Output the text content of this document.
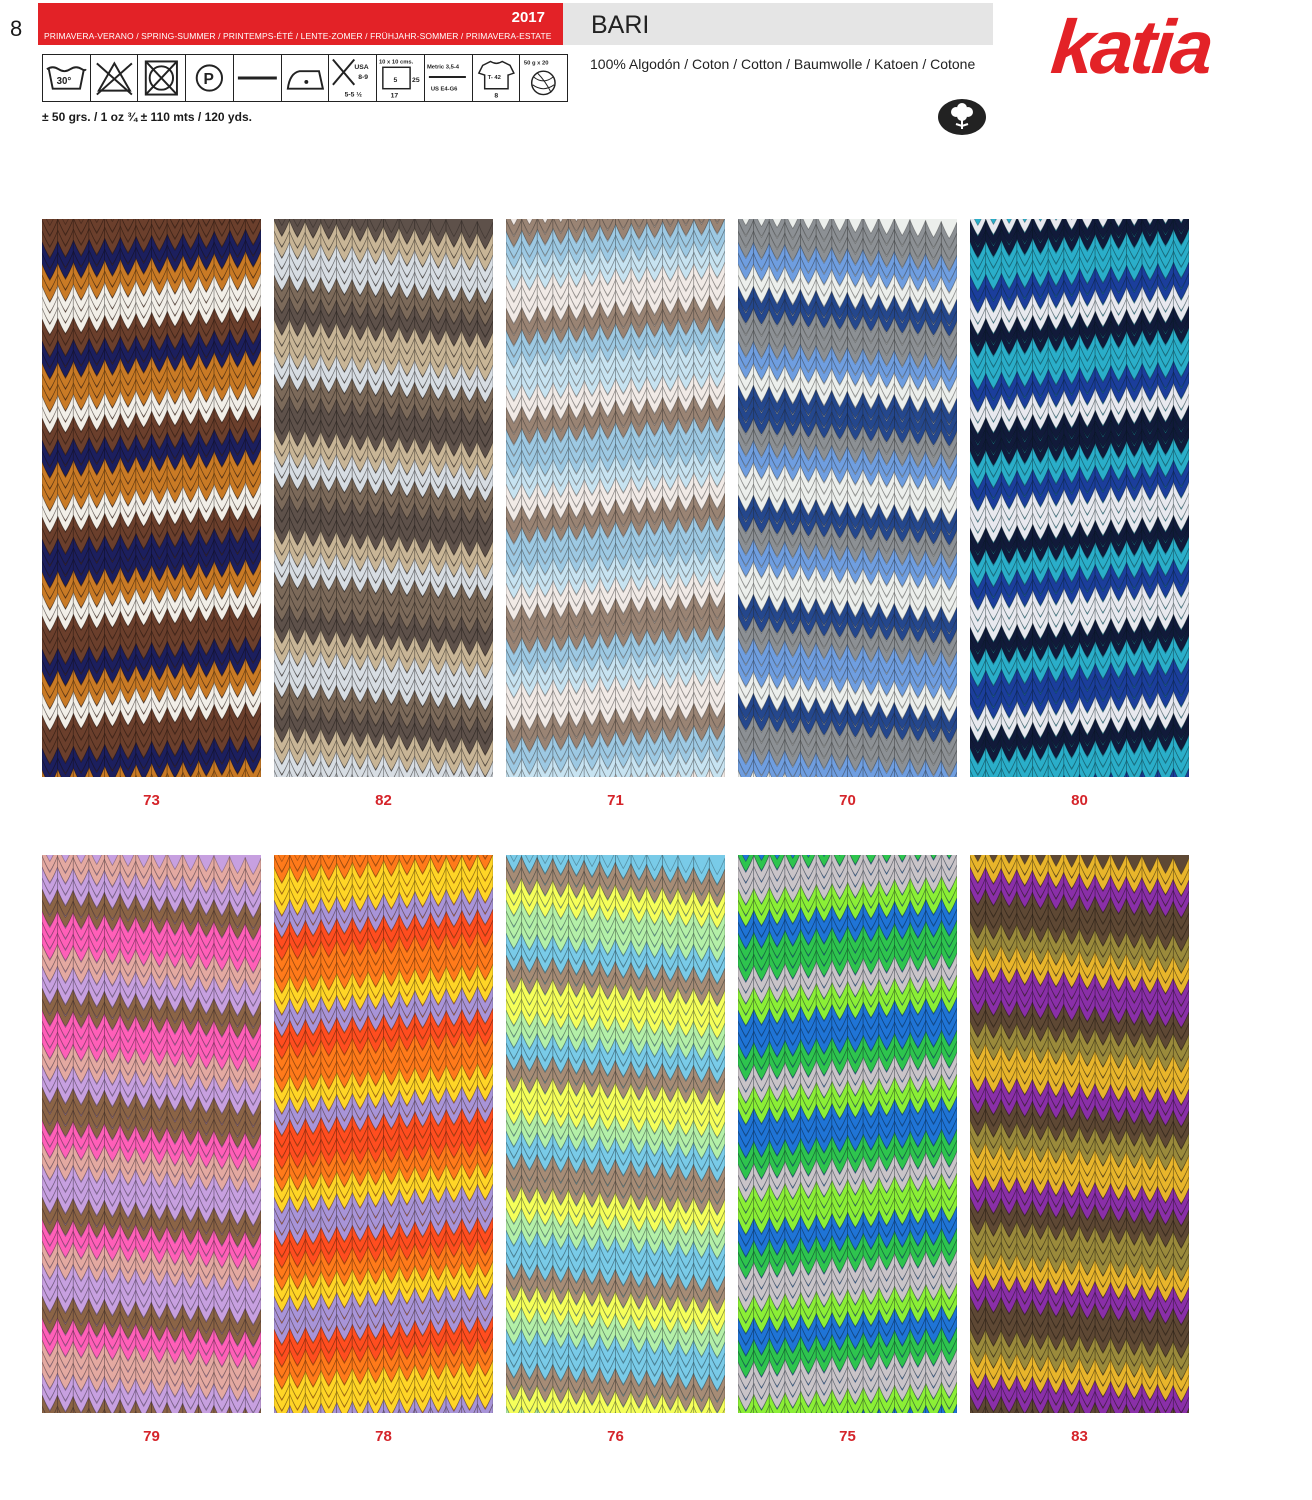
8	2017
PRIMAVERA-VERANO / SPRING-SUMMER / PRINTEMPS-ÉTÉ / LENTE-ZOMER / FRÜHJAHR-SOMMER / PRIMAVERA-ESTATE BARI
100% Algodón / Coton / Cotton / Baumwolle / Katoen / Cotone katia
30°	P
USA
8-9
5-5 ½
10 x 10 cms.
5 25
17
Metric 3,5-4
US E4-G6
T- 42
8
50 g x 20
± 50 grs. / 1 oz ¾ ± 110 mts / 120 yds.
73	82	71	70	80
79	78	76	75	83
